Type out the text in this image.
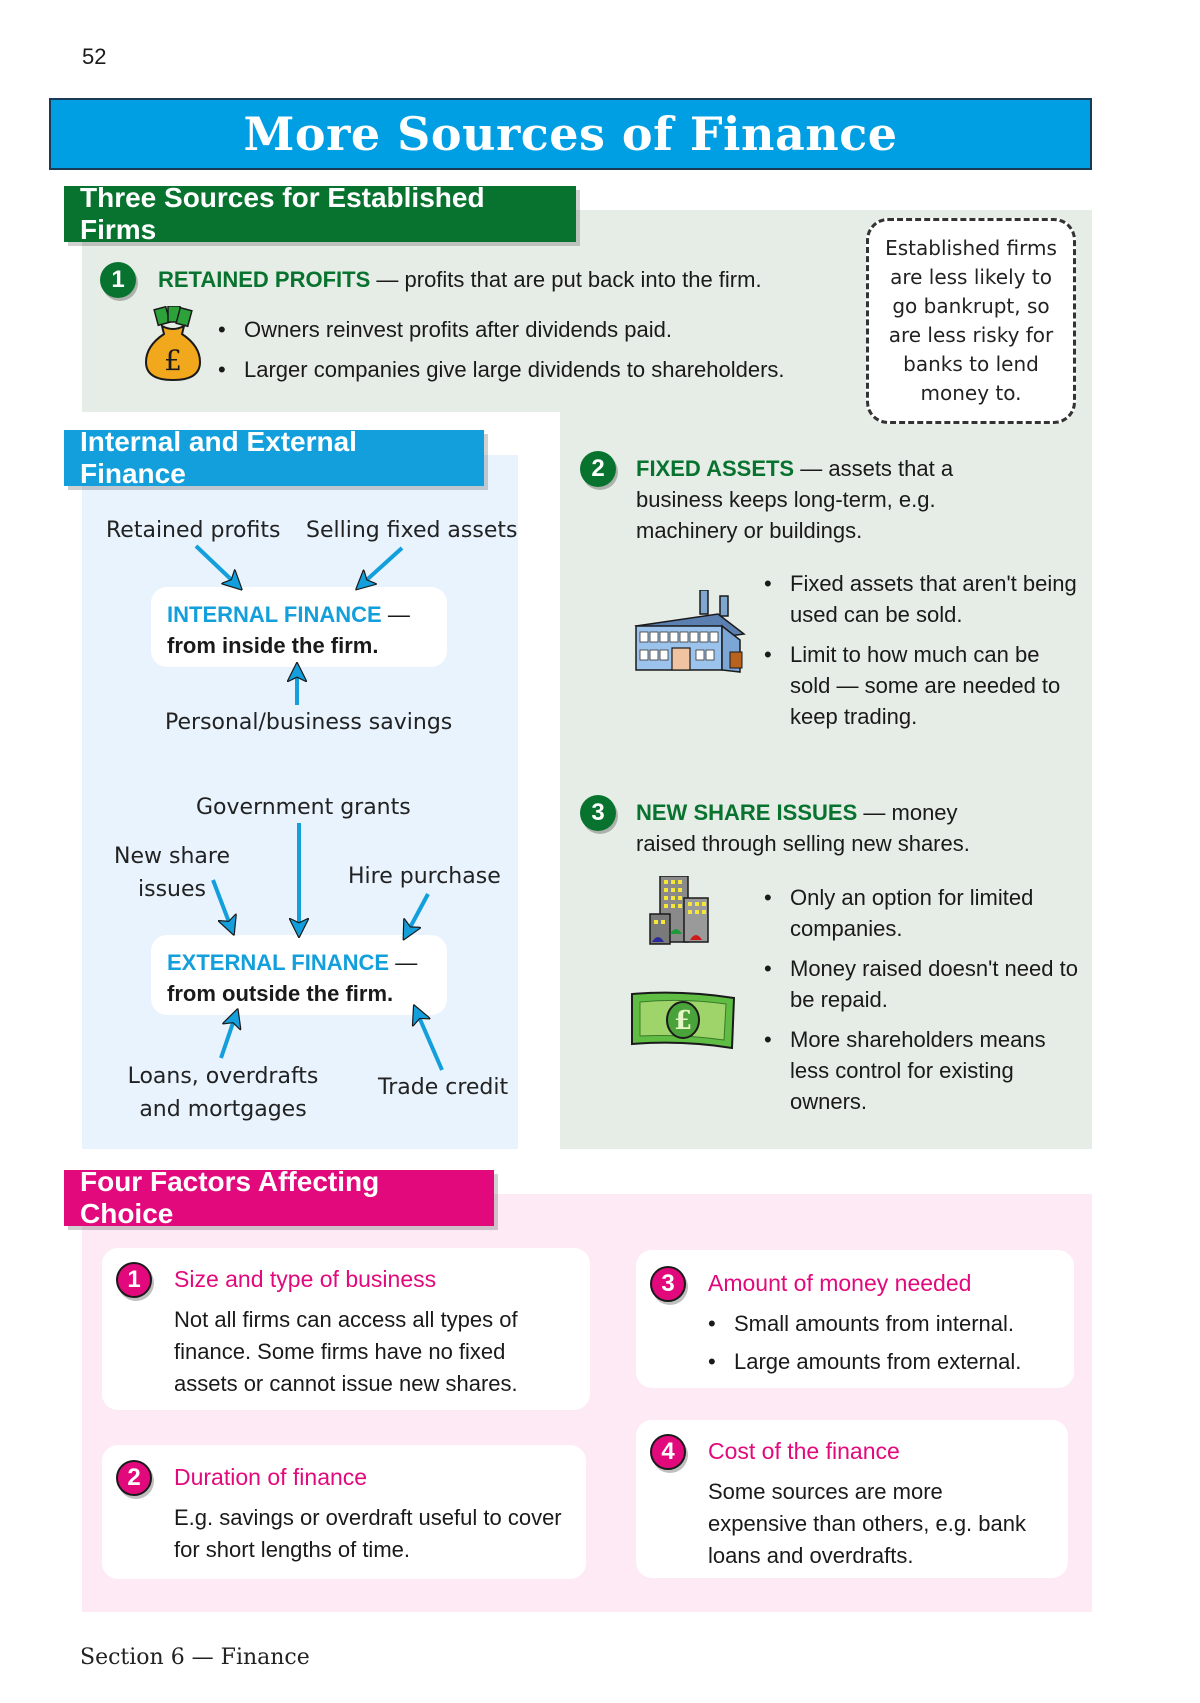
52
More Sources of Finance
Three Sources for Established Firms
Internal and External Finance
Four Factors Affecting Choice
1	RETAINED PROFITS — profits that are put back into the firm.
£
• Owners reinvest profits after dividends paid.
• Larger companies give large dividends to shareholders.
Established firms are less likely to go bankrupt, so are less risky for banks to lend money to.
2	FIXED ASSETS — assets that a business keeps long-term, e.g. machinery or buildings.
• Fixed assets that aren't being used can be sold.
• Limit to how much can be sold — some are needed to keep trading.
3	NEW SHARE ISSUES — money
raised through selling new shares.
£
• Only an option for limited companies.
• Money raised doesn't need to be repaid.
• More shareholders means less control for existing owners.
Retained profits Selling fixed assets
INTERNAL FINANCE —
from inside the firm.
Personal/business savings
Government grants
New share issues
Hire purchase
EXTERNAL FINANCE —
from outside the firm.
Loans, overdrafts and mortgages
Trade credit
1	Size and type of business
Not all firms can access all types of finance. Some firms have no fixed assets or cannot issue new shares.
2	Duration of finance
E.g. savings or overdraft useful to cover for short lengths of time.
3	Amount of money needed
• Small amounts from internal.
• Large amounts from external.
4	Cost of the finance
Some sources are more expensive than others, e.g. bank loans and overdrafts.
Section 6 — Finance
